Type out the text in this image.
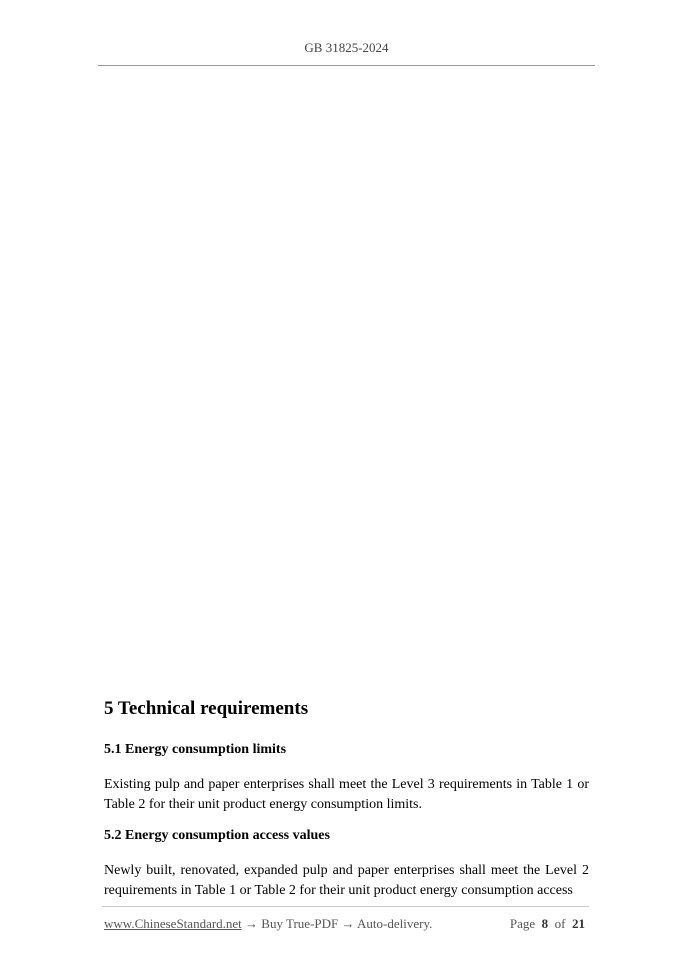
GB 31825-2024
5 Technical requirements
5.1 Energy consumption limits

Existing pulp and paper enterprises shall meet the Level 3 requirements in Table 1 or Table 2 for their unit product energy consumption limits.

5.2 Energy consumption access values

Newly built, renovated, expanded pulp and paper enterprises shall meet the Level 2 requirements in Table 1 or Table 2 for their unit product energy consumption access

www.ChineseStandard.net → Buy True-PDF → Auto-delivery.	Page 8 of 21
